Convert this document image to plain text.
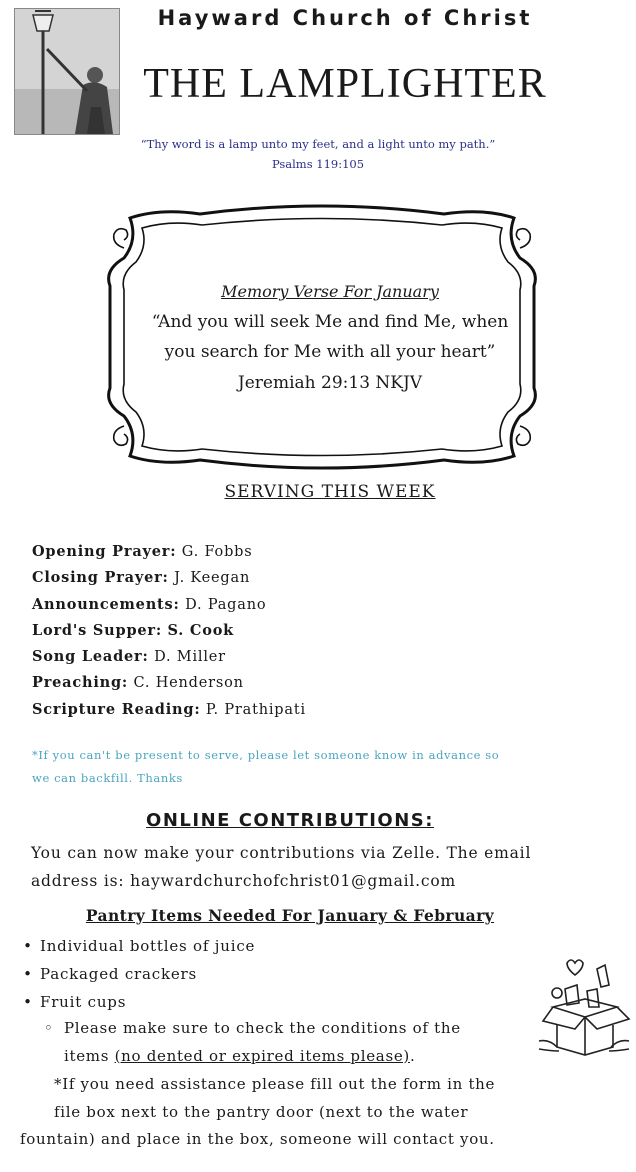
Hayward Church of Christ
THE LAMPLIGHTER
“Thy word is a lamp unto my feet, and a light unto my path.”
Psalms 119:105
Memory Verse For January
“And you will seek Me and find Me, when
you search for Me with all your heart”
Jeremiah 29:13 NKJV
SERVING THIS WEEK
Opening Prayer: G. Fobbs
Closing Prayer: J. Keegan
Announcements: D. Pagano
Lord's Supper: S. Cook
Song Leader: D. Miller
Preaching: C. Henderson
Scripture Reading: P. Prathipati
*If you can't be present to serve, please let someone know in advance so
we can backfill. Thanks
ONLINE CONTRIBUTIONS:
You can now make your contributions via Zelle. The email
address is: haywardchurchofchrist01@gmail.com
Pantry Items Needed For January & February
• Individual bottles of juice
• Packaged crackers
• Fruit cups
◦ Please make sure to check the conditions of the
items (no dented or expired items please).
*If you need assistance please fill out the form in the
file box next to the pantry door (next to the water
fountain) and place in the box, someone will contact you.
